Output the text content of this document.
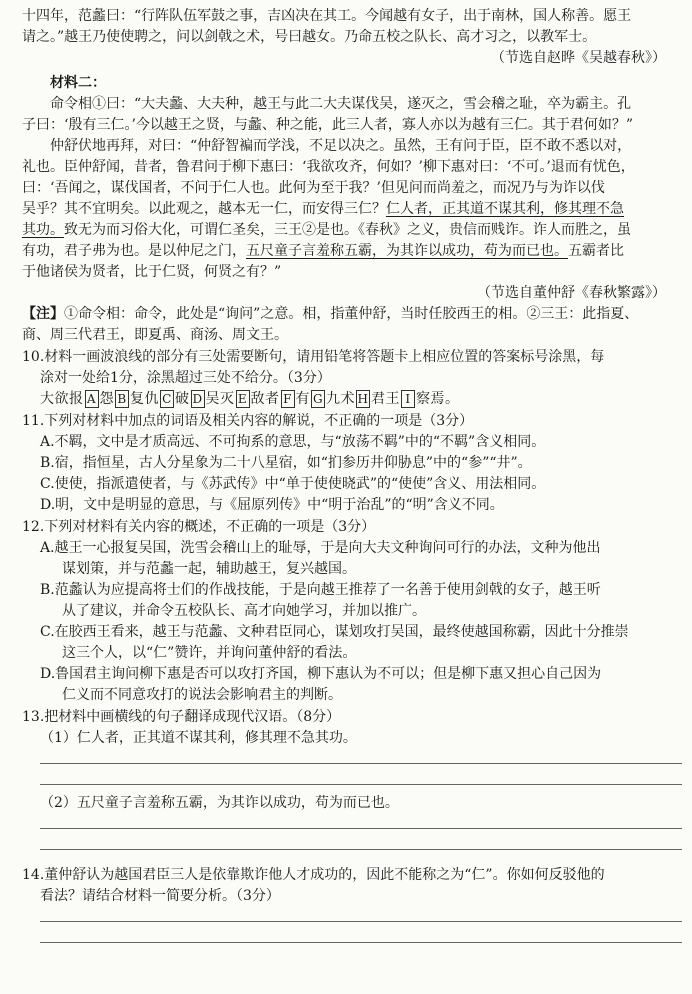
十四年，范蠡曰：“行阵队伍军鼓之事，吉凶决在其工。今闻越有女子，出于南林，国人称善。愿王
请之。”越王乃使使聘之，问以剑戟之术，号曰越女。乃命五校之队长、高才习之，以教军士。
（节选自赵晔《吴越春秋》）
材料二：
命令相①曰：“大夫蠡、大夫种，越王与此二大夫谋伐吴，遂灭之，雪会稽之耻，卒为霸主。孔
子曰：‘殷有三仁。’今以越王之贤，与蠡、种之能，此三人者，寡人亦以为越有三仁。其于君何如？”
仲舒伏地再拜，对曰：“仲舒智褊而学浅，不足以决之。虽然，王有问于臣，臣不敢不悉以对，
礼也。臣仲舒闻，昔者，鲁君问于柳下惠曰：‘我欲攻齐，何如？’柳下惠对曰：‘不可。’退而有忧色，
曰：‘吾闻之，谋伐国者，不问于仁人也。此何为至于我？’但见问而尚羞之，而况乃与为诈以伐
吴乎？其不宜明矣。以此观之，越本无一仁，而安得三仁？仁人者，正其道不谋其利，修其理不急
其功。致无为而习俗大化，可谓仁圣矣，三王②是也。《春秋》之义，贵信而贱诈。诈人而胜之，虽
有功，君子弗为也。是以仲尼之门，五尺童子言羞称五霸，为其诈以成功，苟为而已也。五霸者比
于他诸侯为贤者，比于仁贤，何贤之有？”
（节选自董仲舒《春秋繁露》）
【注】①命令相：命令，此处是“询问”之意。相，指董仲舒，当时任胶西王的相。②三王：此指夏、
商、周三代君王，即夏禹、商汤、周文王。
10.材料一画波浪线的部分有三处需要断句，请用铅笔将答题卡上相应位置的答案标号涂黑，每
涂对一处给1分，涂黑超过三处不给分。（3分）
大欲报 A 怨 B 复仇 C 破 D 吴灭 E 敌者 F 有 G 九术 H 君王 I 察焉。
11.下列对材料中加点的词语及相关内容的解说，不正确的一项是（3分）
A.不羁，文中是才质高远、不可拘系的意思，与“放荡不羁”中的“不羁”含义相同。
B.宿，指恒星，古人分星象为二十八星宿，如“扪参历井仰胁息”中的“参”“井”。
C.使使，指派遣使者，与《苏武传》中“单于使使晓武”的“使使”含义、用法相同。
D.明，文中是明显的意思，与《屈原列传》中“明于治乱”的“明”含义不同。
12.下列对材料有关内容的概述，不正确的一项是（3分）
A.越王一心报复吴国，洗雪会稽山上的耻辱，于是向大夫文种询问可行的办法，文种为他出
谋划策，并与范蠡一起，辅助越王，复兴越国。
B.范蠡认为应提高将士们的作战技能，于是向越王推荐了一名善于使用剑戟的女子，越王听
从了建议，并命令五校队长、高才向她学习，并加以推广。
C.在胶西王看来，越王与范蠡、文种君臣同心，谋划攻打吴国，最终使越国称霸，因此十分推崇
这三个人，以“仁”赞许，并询问董仲舒的看法。
D.鲁国君主询问柳下惠是否可以攻打齐国，柳下惠认为不可以；但是柳下惠又担心自己因为
仁义而不同意攻打的说法会影响君主的判断。
13.把材料中画横线的句子翻译成现代汉语。（8分）
（1）仁人者，正其道不谋其利，修其理不急其功。
（2）五尺童子言羞称五霸，为其诈以成功，苟为而已也。
14.董仲舒认为越国君臣三人是依靠欺诈他人才成功的，因此不能称之为“仁”。你如何反驳他的
看法？请结合材料一简要分析。（3分）
